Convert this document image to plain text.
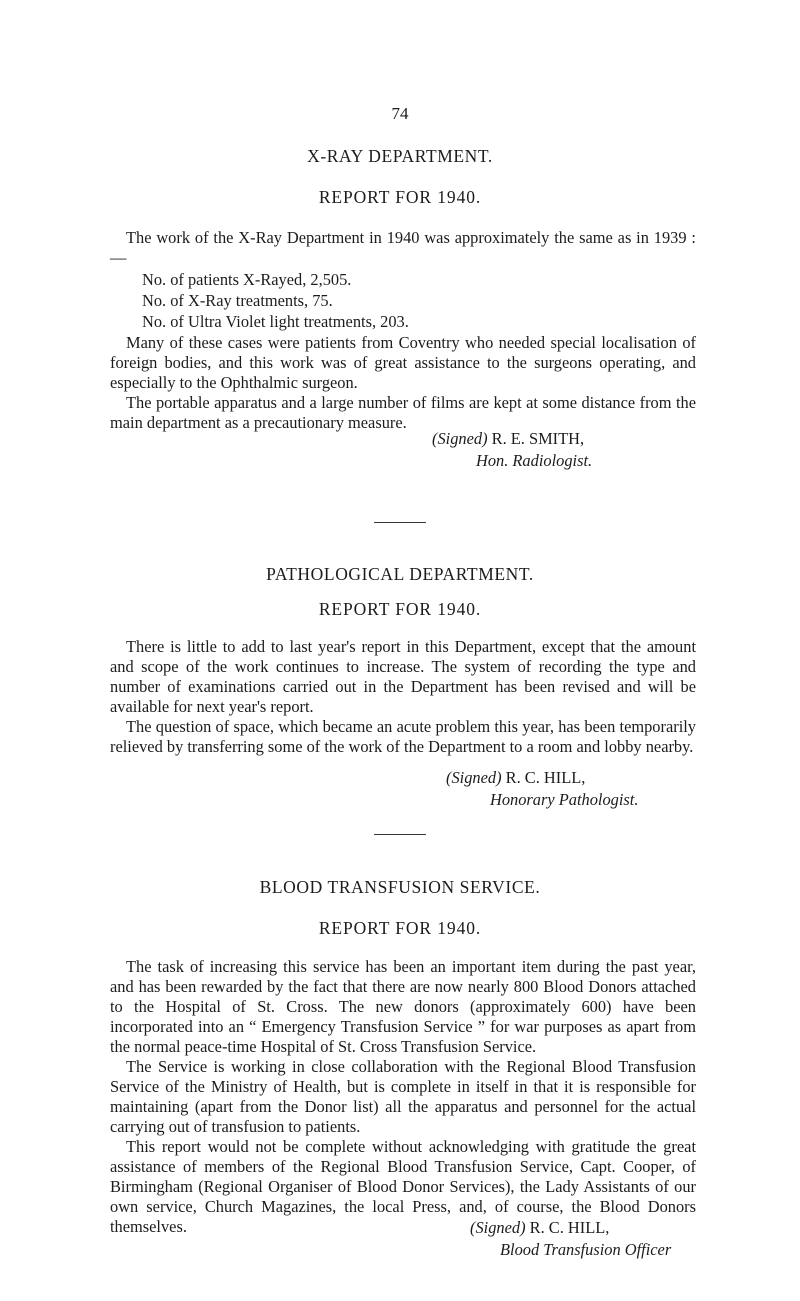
74
X-RAY DEPARTMENT.
REPORT FOR 1940.

The work of the X-Ray Department in 1940 was approximately the same as in 1939 :—

No. of patients X-Rayed, 2,505.
No. of X-Ray treatments, 75.
No. of Ultra Violet light treatments, 203.

Many of these cases were patients from Coventry who needed special localisation of foreign bodies, and this work was of great assistance to the surgeons operating, and especially to the Ophthalmic surgeon.

The portable apparatus and a large number of films are kept at some distance from the main department as a precautionary measure.

(Signed) R. E. SMITH,
Hon. Radiologist.
PATHOLOGICAL DEPARTMENT.
REPORT FOR 1940.

There is little to add to last year's report in this Department, except that the amount and scope of the work continues to increase. The system of recording the type and number of examinations carried out in the Department has been revised and will be available for next year's report.

The question of space, which became an acute problem this year, has been temporarily relieved by transferring some of the work of the Department to a room and lobby nearby.

(Signed) R. C. HILL,
Honorary Pathologist.
BLOOD TRANSFUSION SERVICE.
REPORT FOR 1940.

The task of increasing this service has been an important item during the past year, and has been rewarded by the fact that there are now nearly 800 Blood Donors attached to the Hospital of St. Cross. The new donors (approximately 600) have been incorporated into an “ Emergency Transfusion Service ” for war purposes as apart from the normal peace-time Hospital of St. Cross Transfusion Service.

The Service is working in close collaboration with the Regional Blood Transfusion Service of the Ministry of Health, but is complete in itself in that it is responsible for maintaining (apart from the Donor list) all the apparatus and personnel for the actual carrying out of transfusion to patients.

This report would not be complete without acknowledging with gratitude the great assistance of members of the Regional Blood Transfusion Service, Capt. Cooper, of Birmingham (Regional Organiser of Blood Donor Services), the Lady Assistants of our own service, Church Magazines, the local Press, and, of course, the Blood Donors themselves.	(Signed) R. C. HILL,
Blood Transfusion Officer
